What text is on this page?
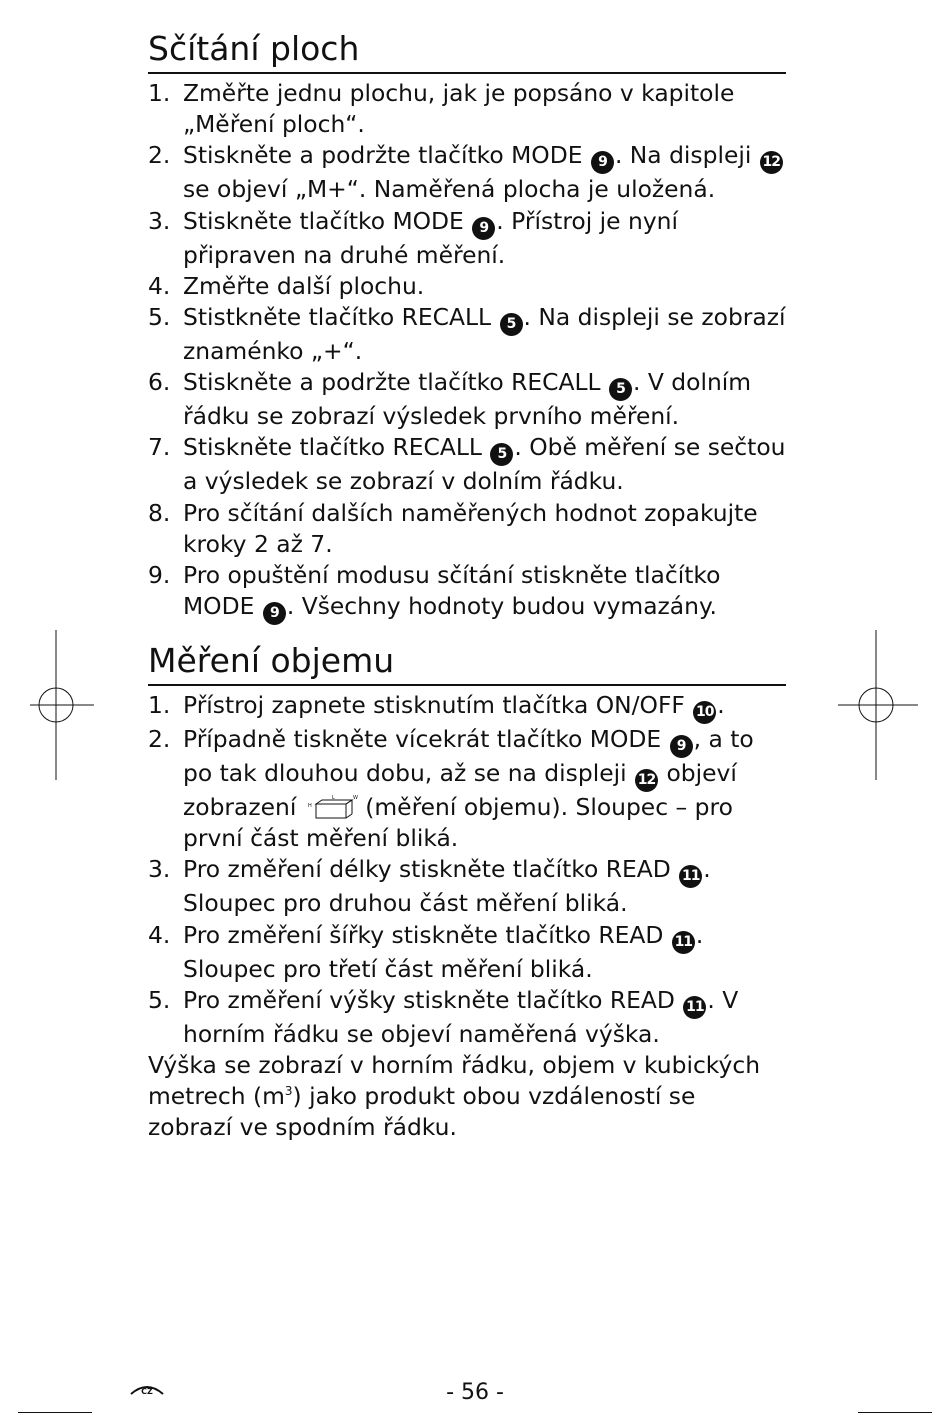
Sčítání ploch
1. Změřte jednu plochu, jak je popsáno v kapitole „Měření ploch“.
2. Stiskněte a podržte tlačítko MODE 9 . Na displeji 12 se objeví „M+“. Naměřená plocha je uložená.
3. Stiskněte tlačítko MODE 9 . Přístroj je nyní připraven na druhé měření.
4. Změřte další plochu.
5. Stistkněte tlačítko RECALL 5 . Na displeji se zobrazí znaménko „+“.
6. Stiskněte a podržte tlačítko RECALL 5 . V dolním řádku se zobrazí výsledek prvního měření.
7. Stiskněte tlačítko RECALL 5 . Obě měření se sečtou a výsledek se zobrazí v dolním řádku.
8. Pro sčítání dalších naměřených hodnot zopakujte kroky 2 až 7.
9. Pro opuštění modusu sčítání stiskněte tlačítko MODE 9 . Všechny hodnoty budou vymazány.
Měření objemu
1. Přístroj zapnete stisknutím tlačítka ON/OFF 10 .
2. Případně tiskněte vícekrát tlačítko MODE 9 , a to po tak dlouhou dobu, až se na displeji 12 objeví zobrazení H
L	W (měření objemu). Sloupec – pro první část měření bliká.
3. Pro změření délky stiskněte tlačítko READ 11 . Sloupec pro druhou část měření bliká.
4. Pro změření šířky stiskněte tlačítko READ 11 . Sloupec pro třetí část měření bliká.
5. Pro změření výšky stiskněte tlačítko READ 11 . V horním řádku se objeví naměřená výška.

Výška se zobrazí v horním řádku, objem v kubických metrech $(m^3)$ jako produkt obou vzdáleností se zobrazí ve spodním řádku.

CZ	- 56 -
